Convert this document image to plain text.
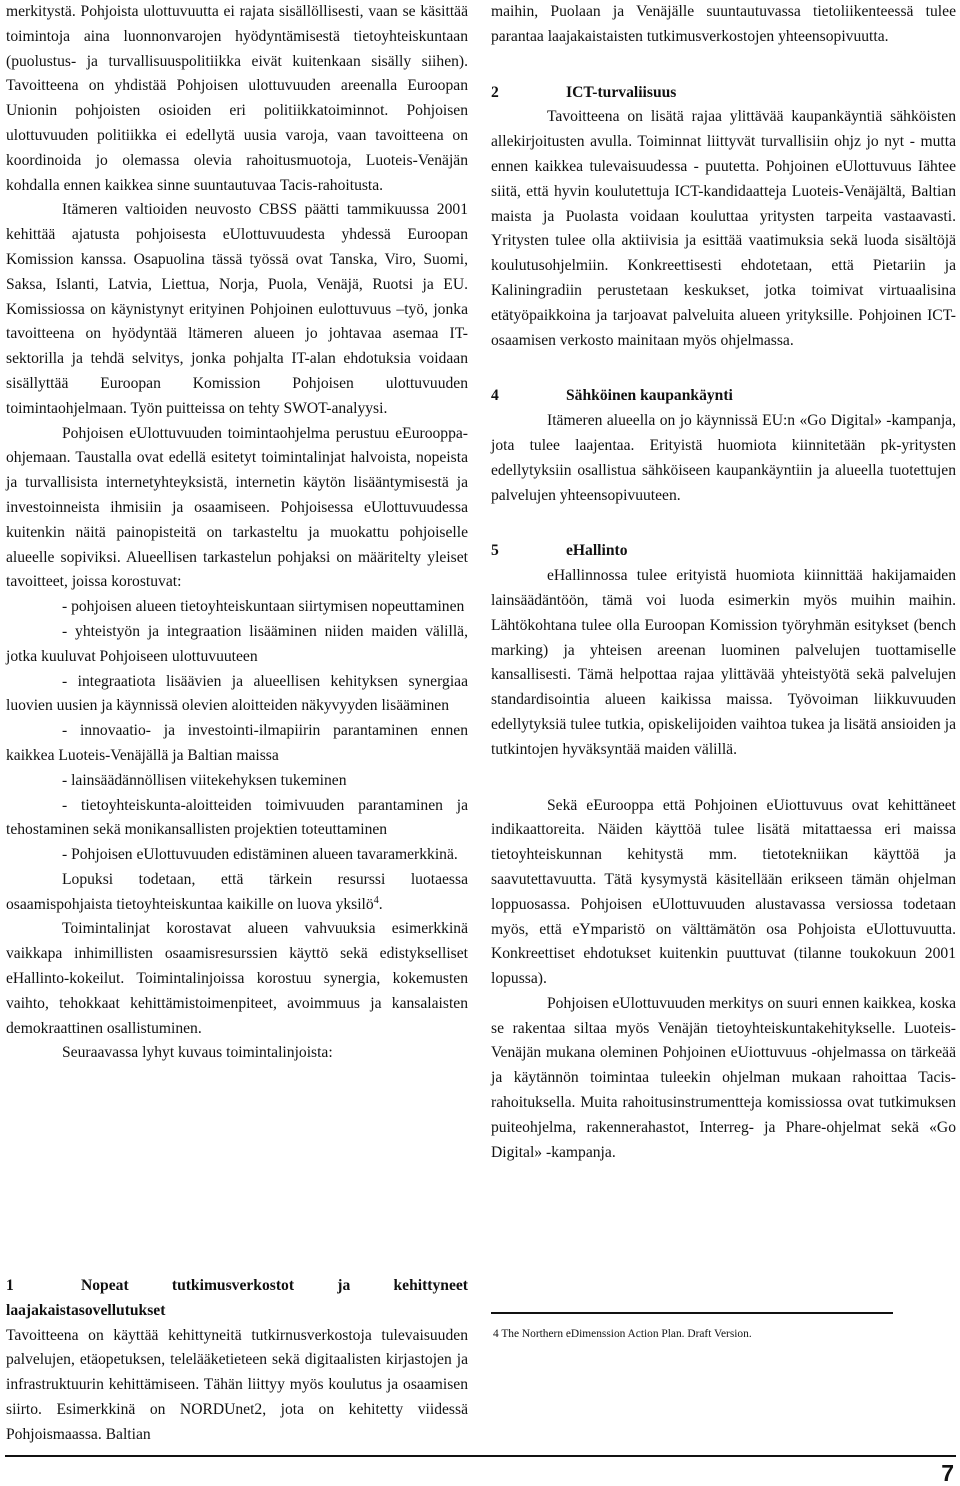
merkitystä. Pohjoista ulottuvuutta ei rajata sisällöllisesti, vaan se käsittää toimintoja aina luonnonvarojen hyödyntämisestä tietoyhteiskuntaan (puolustus- ja turvallisuuspolitiikka eivät kuitenkaan sisälly siihen). Tavoitteena on yhdistää Pohjoisen ulottuvuuden areenalla Euroopan Unionin pohjoisten osioiden eri politiikkatoiminnot. Pohjoisen ulottuvuuden politiikka ei edellytä uusia varoja, vaan tavoitteena on koordinoida jo olemassa olevia rahoitusmuotoja, Luoteis-Venäjän kohdalla ennen kaikkea sinne suuntautuvaa Tacis-rahoitusta.

Itämeren valtioiden neuvosto CBSS päätti tammikuussa 2001 kehittää ajatusta pohjoisesta eUlottuvuudesta yhdessä Euroopan Komission kanssa. Osapuolina tässä työssä ovat Tanska, Viro, Suomi, Saksa, Islanti, Latvia, Liettua, Norja, Puola, Venäjä, Ruotsi ja EU. Komissiossa on käynistynyt erityinen Pohjoinen eulottuvuus –työ, jonka tavoitteena on hyödyntää ltämeren alueen jo johtavaa asemaa IT-sektorilla ja tehdä selvitys, jonka pohjalta IT-alan ehdotuksia voidaan sisällyttää Euroopan Komission Pohjoisen ulottuvuuden toimintaohjelmaan. Työn puitteissa on tehty SWOT-analyysi.

Pohjoisen eUlottuvuuden toimintaohjelma perustuu eEurooppa-ohjemaan. Taustalla ovat edellä esitetyt toimintalinjat halvoista, nopeista ja turvallisista internetyhteyksistä, internetin käytön lisääntymisestä ja investoinneista ihmisiin ja osaamiseen. Pohjoisessa eUlottuvuudessa kuitenkin näitä painopisteitä on tarkasteltu ja muokattu pohjoiselle alueelle sopiviksi. Alueellisen tarkastelun pohjaksi on määritelty yleiset tavoitteet, joissa korostuvat:

- pohjoisen alueen tietoyhteiskuntaan siirtymisen nopeuttaminen

- yhteistyön ja integraation lisääminen niiden maiden välillä, jotka kuuluvat Pohjoiseen ulottuvuuteen

- integraatiota lisäävien ja alueellisen kehityksen synergiaa luovien uusien ja käynnissä olevien aloitteiden näkyvyyden lisääminen

- innovaatio- ja investointi-ilmapiirin parantaminen ennen kaikkea Luoteis-Venäjällä ja Baltian maissa

- lainsäädännöllisen viitekehyksen tukeminen

- tietoyhteiskunta-aloitteiden toimivuuden parantaminen ja tehostaminen sekä monikansallisten projektien toteuttaminen

- Pohjoisen eUlottuvuuden edistäminen alueen tavaramerkkinä.

Lopuksi todetaan, että tärkein resurssi luotaessa osaamispohjaista tietoyhteiskuntaa kaikille on luova yksilö$^4$.

Toimintalinjat korostavat alueen vahvuuksia esimerkkinä vaikkapa inhimillisten osaamisresurssien käyttö sekä edistykselliset eHallinto-kokeilut. Toimintalinjoissa korostuu synergia, kokemusten vaihto, tehokkaat kehittämistoimenpiteet, avoimmuus ja kansalaisten demokraattinen osallistuminen.

Seuraavassa lyhyt kuvaus toimintalinjoista:

1	Nopeat tutkimusverkostot ja kehittyneet laajakaistasovellutukset

Tavoitteena on käyttää kehittyneitä tutkirnusverkostoja tulevaisuuden palvelujen, etäopetuksen, telelääketieteen sekä digitaalisten kirjastojen ja infrastruktuurin kehittämiseen. Tähän liittyy myös koulutus ja osaamisen siirto. Esimerkkinä on NORDUnet2, jota on kehitetty viidessä Pohjoismaassa. Baltian

maihin, Puolaan ja Venäjälle suuntautuvassa tietoliikenteessä tulee parantaa laajakaistaisten tutkimusverkostojen yhteensopivuutta.

2	ICT-turvaliisuus

Tavoitteena on lisätä rajaa ylittävää kaupankäyntiä sähköisten allekirjoitusten avulla. Toiminnat liittyvät turvallisiin ohjz jo nyt - mutta ennen kaikkea tulevaisuudessa - puutetta. Pohjoinen eUlottuvuus Iähtee siitä, että hyvin koulutettuja ICT-kandidaatteja Luoteis-Venäjältä, Baltian maista ja Puolasta voidaan kouluttaa yritysten tarpeita vastaavasti. Yritysten tulee olla aktiivisia ja esittää vaatimuksia sekä luoda sisältöjä koulutusohjelmiin. Konkreettisesti ehdotetaan, että Pietariin ja Kaliningradiin perustetaan keskukset, jotka toimivat virtuaalisina etätyöpaikkoina ja tarjoavat palveluita alueen yrityksille. Pohjoinen ICT-osaamisen verkosto mainitaan myös ohjelmassa.

4	Sähköinen kaupankäynti

Itämeren alueella on jo käynnissä EU:n «Go Digital» -kampanja, jota tulee laajentaa. Erityistä huomiota kiinnitetään pk-yritysten edellytyksiin osallistua sähköiseen kaupankäyntiin ja alueella tuotettujen palvelujen yhteensopivuuteen.

5	eHallinto

eHallinnossa tulee erityistä huomiota kiinnittää hakijamaiden lainsäädäntöön, tämä voi luoda esimerkin myös muihin maihin. Lähtökohtana tulee olla Euroopan Komission työryhmän esitykset (bench marking) ja yhteisen areenan luominen palvelujen tuottamiselle kansallisesti. Tämä helpottaa rajaa ylittävää yhteistyötä sekä palvelujen standardisointia alueen kaikissa maissa. Työvoiman liikkuvuuden edellytyksiä tulee tutkia, opiskelijoiden vaihtoa tukea ja lisätä ansioiden ja tutkintojen hyväksyntää maiden välillä.

Sekä eEurooppa että Pohjoinen eUiottuvuus ovat kehittäneet indikaattoreita. Näiden käyttöä tulee lisätä mitattaessa eri maissa tietoyhteiskunnan kehitystä mm. tietotekniikan käyttöä ja saavutettavuutta. Tätä kysymystä käsitellään erikseen tämän ohjelman loppuosassa. Pohjoisen eUlottuvuuden alustavassa versiossa todetaan myös, että eYmparistö on välttämätön osa Pohjoista eUlottuvuutta. Konkreettiset ehdotukset kuitenkin puuttuvat (tilanne toukokuun 2001 lopussa).

Pohjoisen eUlottuvuuden merkitys on suuri ennen kaikkea, koska se rakentaa siltaa myös Venäjän tietoyhteiskuntakehitykselle. Luoteis-Venäjän mukana oleminen Pohjoinen eUiottuvuus -ohjelmassa on tärkeää ja käytännön toimintaa tuleekin ohjelman mukaan rahoittaa Tacis-rahoituksella. Muita rahoitusinstrumentteja komissiossa ovat tutkimuksen puiteohjelma, rakennerahastot, Interreg- ja Phare-ohjelmat sekä «Go Digital» -kampanja.

4 The Northern eDimenssion Action Plan. Draft Version.
7
